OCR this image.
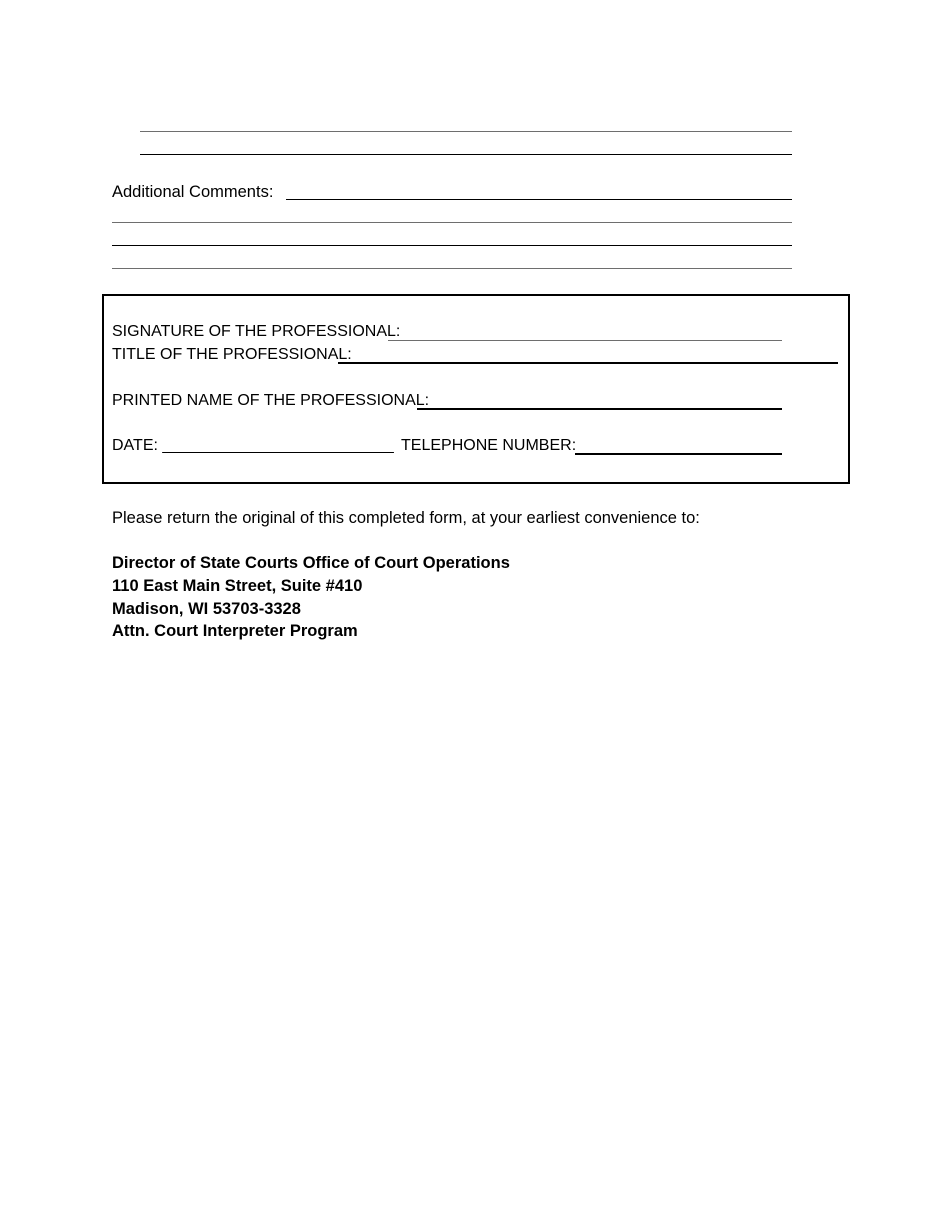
Additional Comments:
SIGNATURE OF THE PROFESSIONAL:
TITLE OF THE PROFESSIONAL:
PRINTED NAME OF THE PROFESSIONAL:
DATE: __________________________ TELEPHONE NUMBER:
Please return the original of this completed form, at your earliest convenience to:
Director of State Courts Office of Court Operations
110 East Main Street, Suite #410
Madison, WI 53703-3328
Attn. Court Interpreter Program
